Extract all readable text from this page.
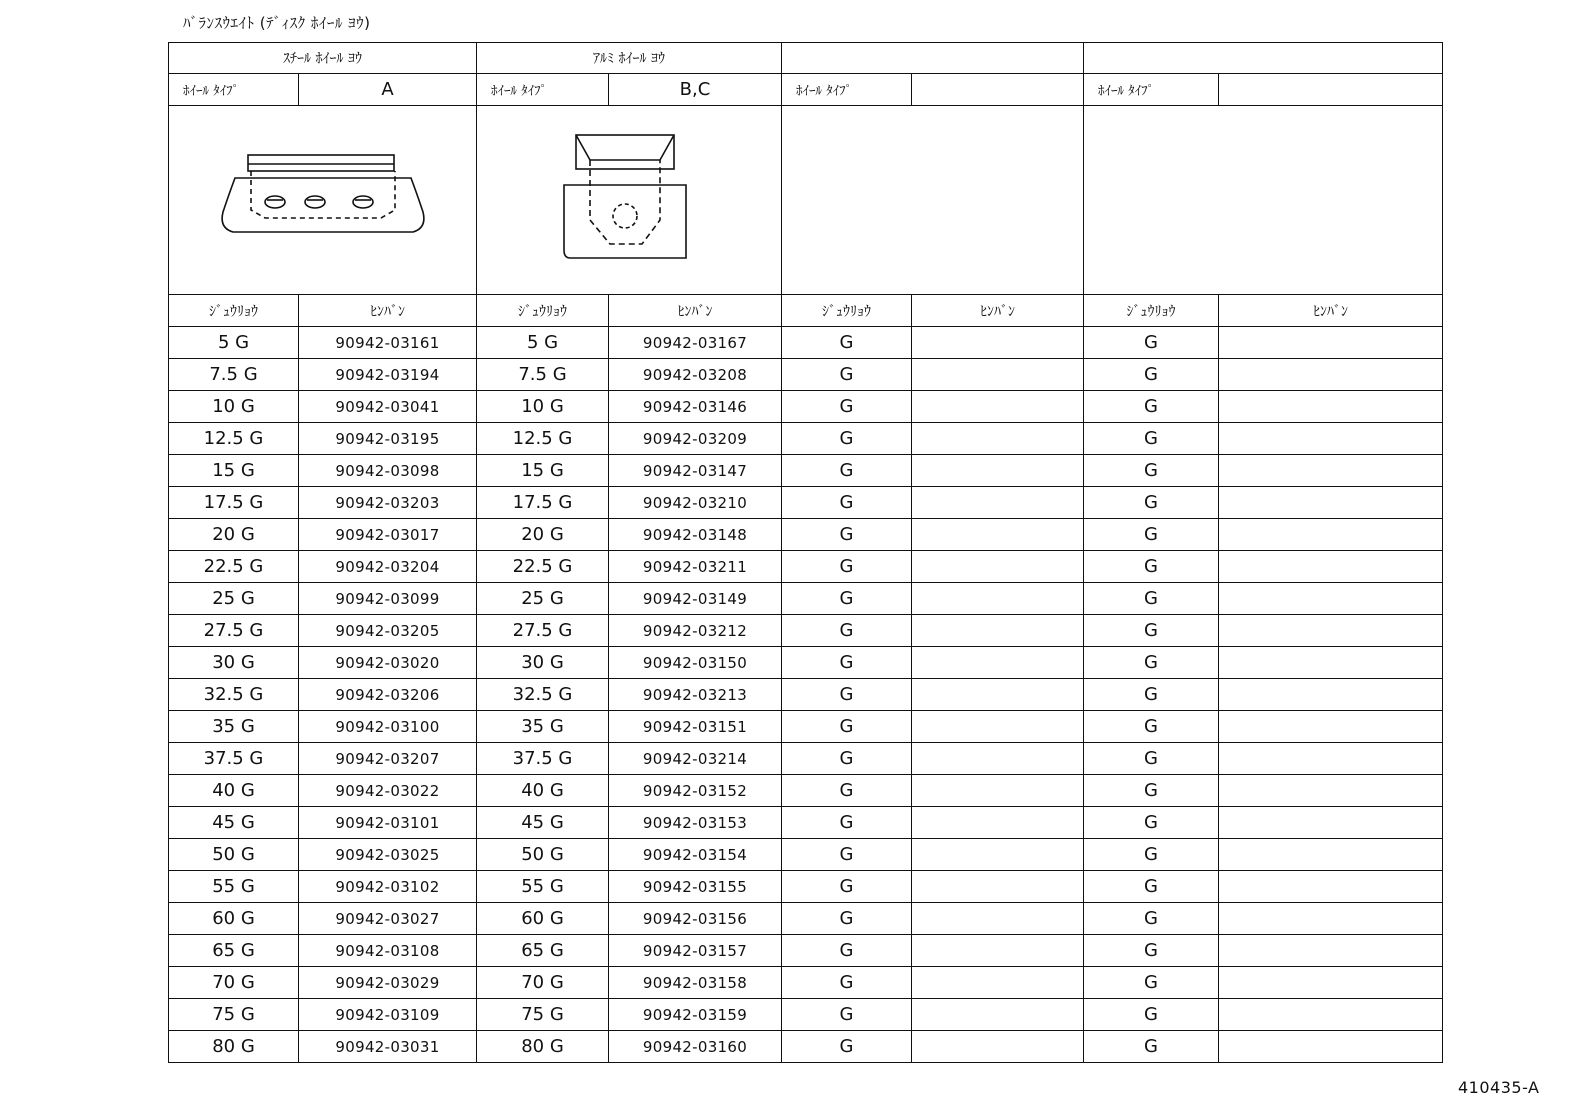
ﾊﾞﾗﾝｽｳｴｲﾄ (ﾃﾞｨｽｸ ﾎｲｰﾙ ﾖｳ)
ｽﾁｰﾙ ﾎｲｰﾙ ﾖｳ		ｱﾙﾐ ﾎｲｰﾙ ﾖｳ					
ﾎｲｰﾙ ﾀｲﾌﾟ	A	ﾎｲｰﾙ ﾀｲﾌﾟ	B,C	ﾎｲｰﾙ ﾀｲﾌﾟ		ﾎｲｰﾙ ﾀｲﾌﾟ	

ｼﾞｭｳﾘｮｳ	ﾋﾝﾊﾞﾝ	ｼﾞｭｳﾘｮｳ	ﾋﾝﾊﾞﾝ	ｼﾞｭｳﾘｮｳ	ﾋﾝﾊﾞﾝ	ｼﾞｭｳﾘｮｳ	ﾋﾝﾊﾞﾝ
5 G	90942-03161	5 G	90942-03167	G		G	
7.5 G	90942-03194	7.5 G	90942-03208	G		G	
10 G	90942-03041	10 G	90942-03146	G		G	
12.5 G	90942-03195	12.5 G	90942-03209	G		G	
15 G	90942-03098	15 G	90942-03147	G		G	
17.5 G	90942-03203	17.5 G	90942-03210	G		G	
20 G	90942-03017	20 G	90942-03148	G		G	
22.5 G	90942-03204	22.5 G	90942-03211	G		G	
25 G	90942-03099	25 G	90942-03149	G		G	
27.5 G	90942-03205	27.5 G	90942-03212	G		G	
30 G	90942-03020	30 G	90942-03150	G		G	
32.5 G	90942-03206	32.5 G	90942-03213	G		G	
35 G	90942-03100	35 G	90942-03151	G		G	
37.5 G	90942-03207	37.5 G	90942-03214	G		G	
40 G	90942-03022	40 G	90942-03152	G		G	
45 G	90942-03101	45 G	90942-03153	G		G	
50 G	90942-03025	50 G	90942-03154	G		G	
55 G	90942-03102	55 G	90942-03155	G		G	
60 G	90942-03027	60 G	90942-03156	G		G	
65 G	90942-03108	65 G	90942-03157	G		G	
70 G	90942-03029	70 G	90942-03158	G		G	
75 G	90942-03109	75 G	90942-03159	G		G	
80 G	90942-03031	80 G	90942-03160	G		G	
410435-A
